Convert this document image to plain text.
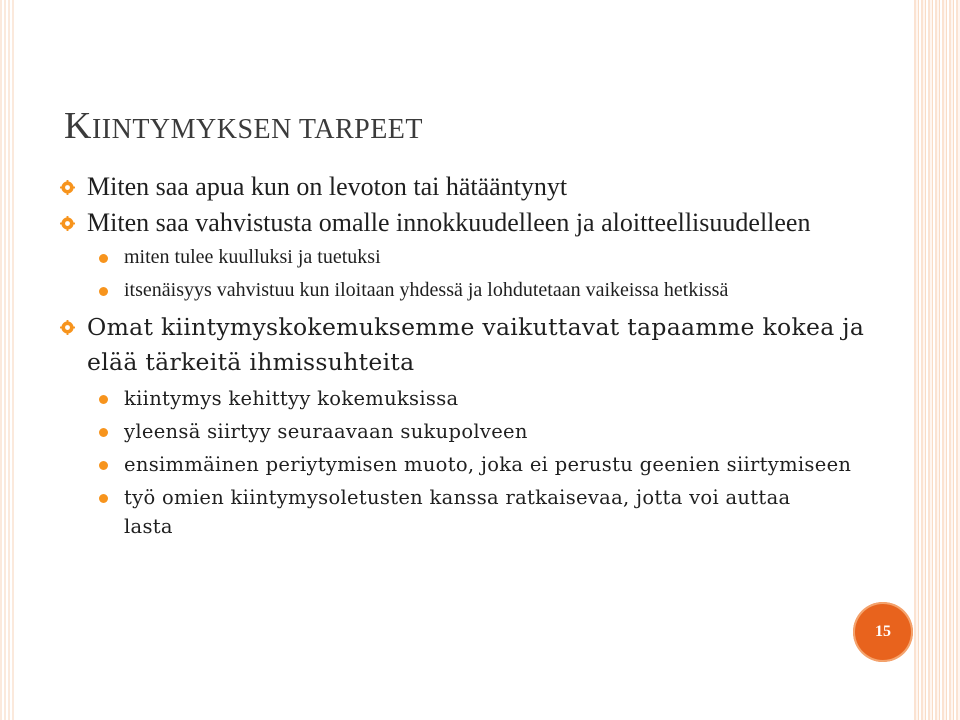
KIINTYMYKSEN TARPEET
Miten saa apua kun on levoton tai hätääntynyt
Miten saa vahvistusta omalle innokkuudelleen ja aloitteellisuudelleen
miten tulee kuulluksi ja tuetuksi
itsenäisyys vahvistuu kun iloitaan yhdessä ja lohdutetaan vaikeissa hetkissä
Omat kiintymyskokemuksemme vaikuttavat tapaamme kokea ja elää tärkeitä ihmissuhteita
kiintymys kehittyy kokemuksissa
yleensä siirtyy seuraavaan sukupolveen
ensimmäinen periytymisen muoto, joka ei perustu geenien siirtymiseen
työ omien kiintymysoletusten kanssa ratkaisevaa, jotta voi auttaa lasta
15
